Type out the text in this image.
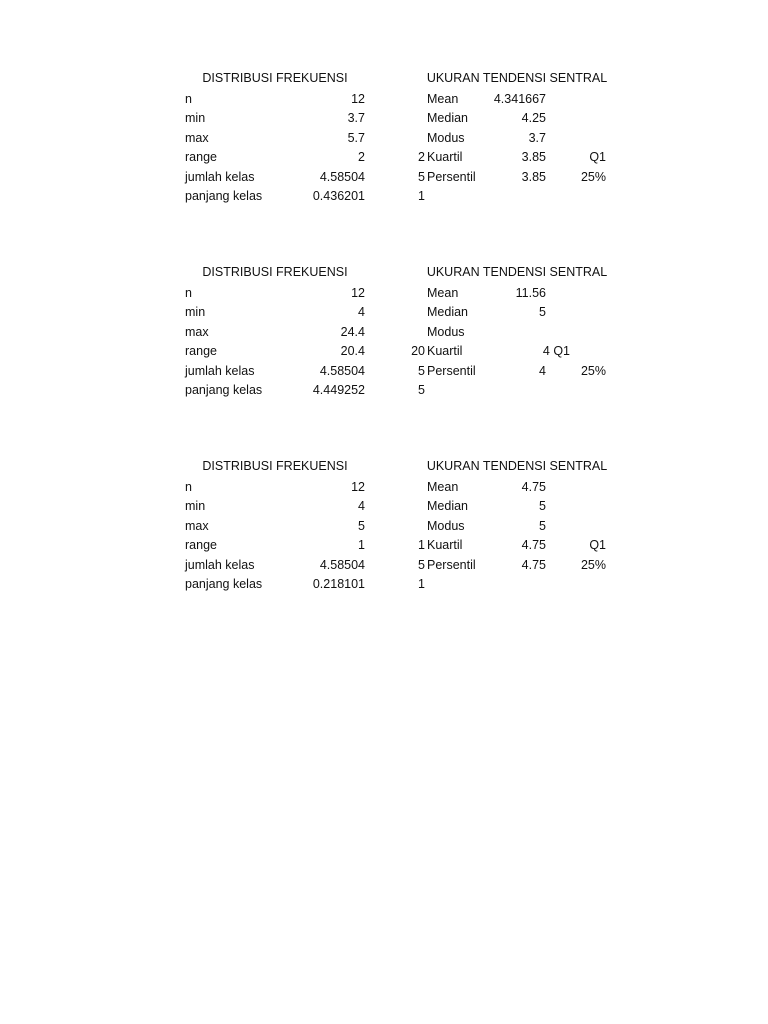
DISTRIBUSI FREKUENSI	UKURAN TENDENSI SENTRAL
n	12	Mean	4.341667
min	3.7	Median	4.25
max	5.7	Modus	3.7
range	2	2 Kuartil	3.85	Q1
jumlah kelas	4.58504	5 Persentil	3.85	25%
panjang kelas	0.436201	1
DISTRIBUSI FREKUENSI	UKURAN TENDENSI SENTRAL
n	12	Mean	11.56
min	4	Median	5
max	24.4	Modus
range	20.4	20 Kuartil	4 Q1
jumlah kelas	4.58504	5 Persentil	4	25%
panjang kelas	4.449252	5
DISTRIBUSI FREKUENSI	UKURAN TENDENSI SENTRAL
n	12	Mean	4.75
min	4	Median	5
max	5	Modus	5
range	1	1 Kuartil	4.75	Q1
jumlah kelas	4.58504	5 Persentil	4.75	25%
panjang kelas	0.218101	1
